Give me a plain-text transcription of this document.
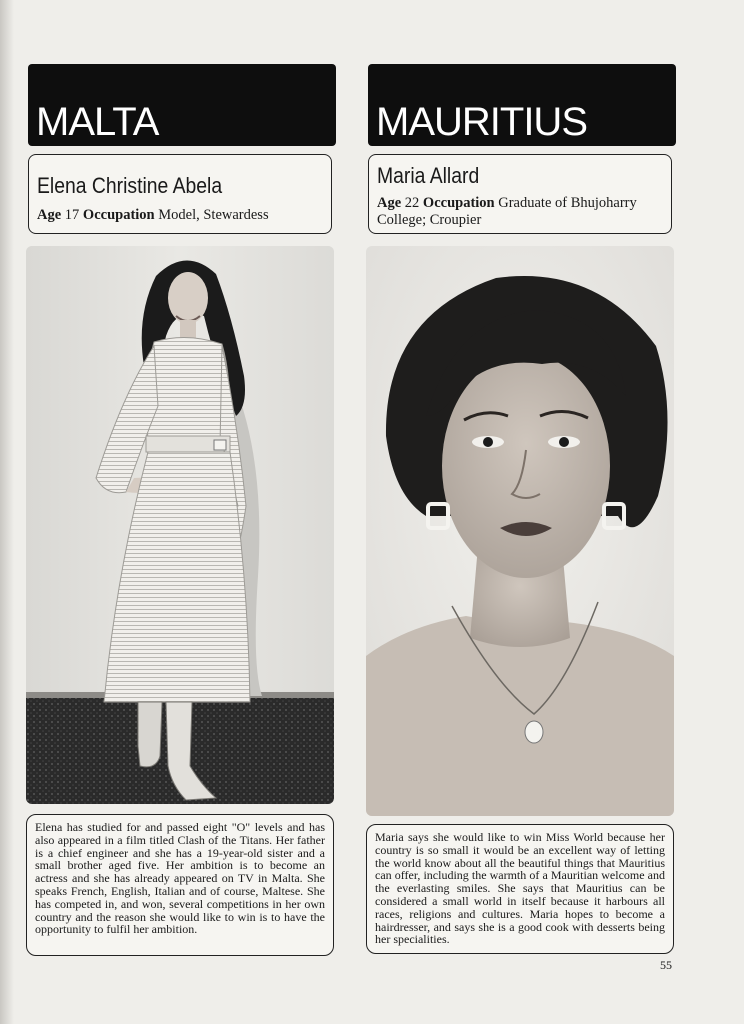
MALTA
Elena Christine Abela
Age 17 Occupation Model, Stewardess
Elena has studied for and passed eight "O" levels and has also appeared in a film titled Clash of the Titans. Her father is a chief engineer and she has a 19-year-old sister and a small brother aged five. Her ambition is to become an actress and she has already appeared on TV in Malta. She speaks French, English, Italian and of course, Maltese. She has competed in, and won, several competitions in her own country and the reason she would like to win is to have the opportunity to fulfil her ambition.
MAURITIUS
Maria Allard
Age 22 Occupation Graduate of Bhujoharry College; Croupier
Maria says she would like to win Miss World because her country is so small it would be an excellent way of letting the world know about all the beautiful things that Mauritius can offer, including the warmth of a Mauritian welcome and the everlasting smiles. She says that Mauritius can be considered a small world in itself because it harbours all races, religions and cultures. Maria hopes to become a hairdresser, and says she is a good cook with desserts being her specialities.
55
